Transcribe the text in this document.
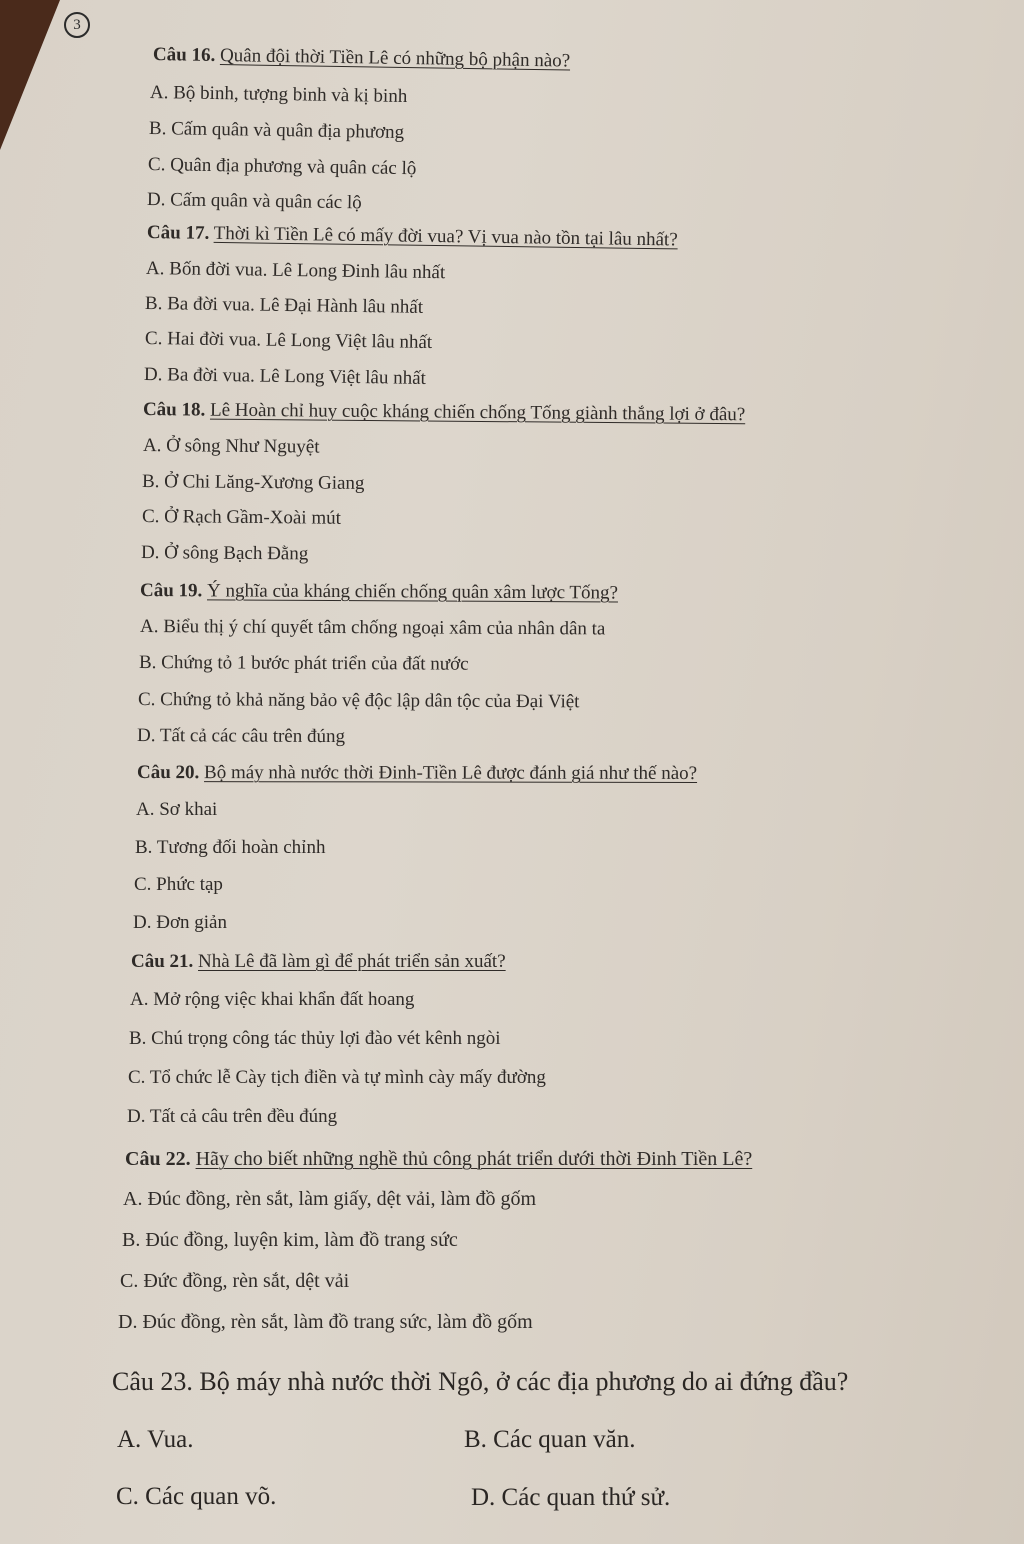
3
Câu 16. Quân đội thời Tiền Lê có những bộ phận nào?
A. Bộ binh, tượng binh và kị binh
B. Cấm quân và quân địa phương
C. Quân địa phương và quân các lộ
D. Cấm quân và quân các lộ
Câu 17. Thời kì Tiền Lê có mấy đời vua? Vị vua nào tồn tại lâu nhất?
A. Bốn đời vua. Lê Long Đinh lâu nhất
B. Ba đời vua. Lê Đại Hành lâu nhất
C. Hai đời vua. Lê Long Việt lâu nhất
D. Ba đời vua. Lê Long Việt lâu nhất
Câu 18. Lê Hoàn chỉ huy cuộc kháng chiến chống Tống giành thắng lợi ở đâu?
A. Ở sông Như Nguyệt
B. Ở Chi Lăng-Xương Giang
C. Ở Rạch Gầm-Xoài mút
D. Ở sông Bạch Đằng
Câu 19. Ý nghĩa của kháng chiến chống quân xâm lược Tống?
A. Biểu thị ý chí quyết tâm chống ngoại xâm của nhân dân ta
B. Chứng tỏ 1 bước phát triển của đất nước
C. Chứng tỏ khả năng bảo vệ độc lập dân tộc của Đại Việt
D. Tất cả các câu trên đúng
Câu 20. Bộ máy nhà nước thời Đinh-Tiền Lê được đánh giá như thế nào?
A. Sơ khai
B. Tương đối hoàn chỉnh
C. Phức tạp
D. Đơn giản
Câu 21. Nhà Lê đã làm gì để phát triển sản xuất?
A. Mở rộng việc khai khẩn đất hoang
B. Chú trọng công tác thủy lợi đào vét kênh ngòi
C. Tổ chức lễ Cày tịch điền và tự mình cày mấy đường
D. Tất cả câu trên đều đúng
Câu 22. Hãy cho biết những nghề thủ công phát triển dưới thời Đinh Tiền Lê?
A. Đúc đồng, rèn sắt, làm giấy, dệt vải, làm đồ gốm
B. Đúc đồng, luyện kim, làm đồ trang sức
C. Đức đồng, rèn sắt, dệt vải
D. Đúc đồng, rèn sắt, làm đồ trang sức, làm đồ gốm
Câu 23. Bộ máy nhà nước thời Ngô, ở các địa phương do ai đứng đầu?
A. Vua.	B. Các quan văn.
C. Các quan võ.	D. Các quan thứ sử.
